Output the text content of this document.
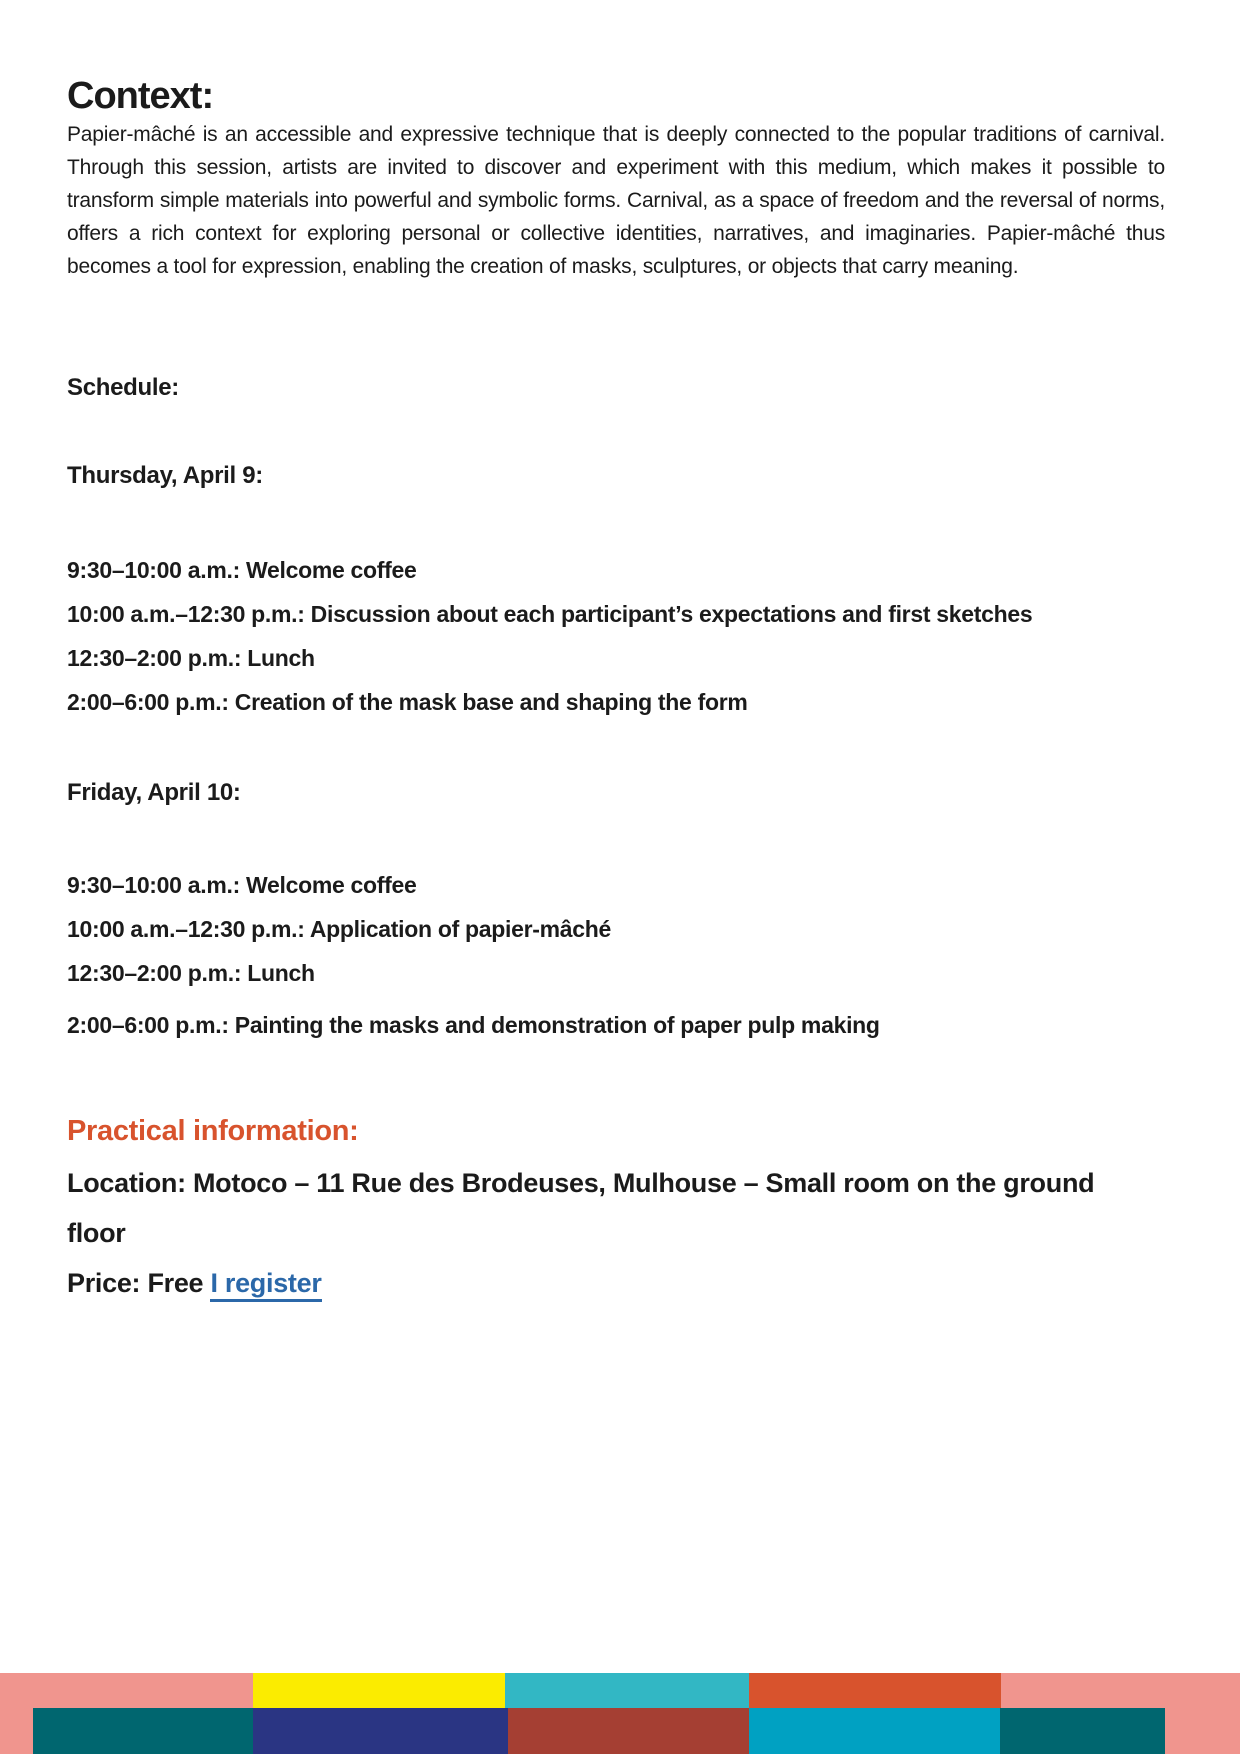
Context:
Papier-mâché is an accessible and expressive technique that is deeply connected to the popular traditions of carnival. Through this session, artists are invited to discover and experiment with this medium, which makes it possible to transform simple materials into powerful and symbolic forms. Carnival, as a space of freedom and the reversal of norms, offers a rich context for exploring personal or collective identities, narratives, and imaginaries. Papier-mâché thus becomes a tool for expression, enabling the creation of masks, sculptures, or objects that carry meaning.
Schedule:
Thursday, April 9:
9:30–10:00 a.m.: Welcome coffee
10:00 a.m.–12:30 p.m.: Discussion about each participant’s expectations and first sketches
12:30–2:00 p.m.: Lunch
2:00–6:00 p.m.: Creation of the mask base and shaping the form
Friday, April 10:
9:30–10:00 a.m.: Welcome coffee
10:00 a.m.–12:30 p.m.: Application of papier-mâché
12:30–2:00 p.m.: Lunch
2:00–6:00 p.m.: Painting the masks and demonstration of paper pulp making
Practical information:
Location: Motoco – 11 Rue des Brodeuses, Mulhouse – Small room on the ground
floor
Price: Free I register
